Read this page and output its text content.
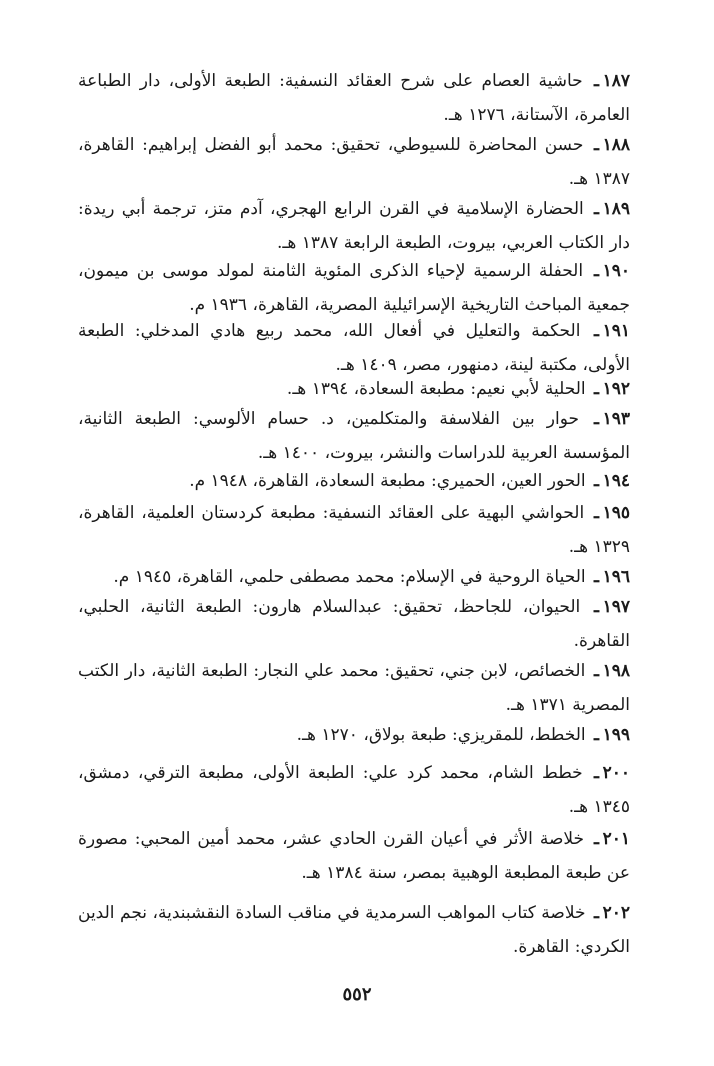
١٨٧ـ حاشية العصام على شرح العقائد النسفية: الطبعة الأولى، دار الطباعة العامرة، الآستانة، ١٢٧٦ هـ.
١٨٨ـ حسن المحاضرة للسيوطي، تحقيق: محمد أبو الفضل إبراهيم: القاهرة، ١٣٨٧ هـ.
١٨٩ـ الحضارة الإسلامية في القرن الرابع الهجري، آدم متز، ترجمة أبي ريدة: دار الكتاب العربي، بيروت، الطبعة الرابعة ١٣٨٧ هـ.
١٩٠ـ الحفلة الرسمية لإحياء الذكرى المئوية الثامنة لمولد موسى بن ميمون، جمعية المباحث التاريخية الإسرائيلية المصرية، القاهرة، ١٩٣٦ م.
١٩١ـ الحكمة والتعليل في أفعال الله، محمد ربيع هادي المدخلي: الطبعة الأولى، مكتبة لينة، دمنهور، مصر، ١٤٠٩ هـ.
١٩٢ـ الحلية لأبي نعيم: مطبعة السعادة، ١٣٩٤ هـ.
١٩٣ـ حوار بين الفلاسفة والمتكلمين، د. حسام الألوسي: الطبعة الثانية، المؤسسة العربية للدراسات والنشر، بيروت، ١٤٠٠ هـ.
١٩٤ـ الحور العين، الحميري: مطبعة السعادة، القاهرة، ١٩٤٨ م.
١٩٥ـ الحواشي البهية على العقائد النسفية: مطبعة كردستان العلمية، القاهرة، ١٣٢٩ هـ.
١٩٦ـ الحياة الروحية في الإسلام: محمد مصطفى حلمي، القاهرة، ١٩٤٥ م.
١٩٧ـ الحيوان، للجاحظ، تحقيق: عبدالسلام هارون: الطبعة الثانية، الحلبي، القاهرة.
١٩٨ـ الخصائص، لابن جني، تحقيق: محمد علي النجار: الطبعة الثانية، دار الكتب المصرية ١٣٧١ هـ.
١٩٩ـ الخطط، للمقريزي: طبعة بولاق، ١٢٧٠ هـ.
٢٠٠ـ خطط الشام، محمد كرد علي: الطبعة الأولى، مطبعة الترقي، دمشق، ١٣٤٥ هـ.
٢٠١ـ خلاصة الأثر في أعيان القرن الحادي عشر، محمد أمين المحبي: مصورة عن طبعة المطبعة الوهبية بمصر، سنة ١٣٨٤ هـ.
٢٠٢ـ خلاصة كتاب المواهب السرمدية في مناقب السادة النقشبندية، نجم الدين الكردي: القاهرة.
٥٥٢
